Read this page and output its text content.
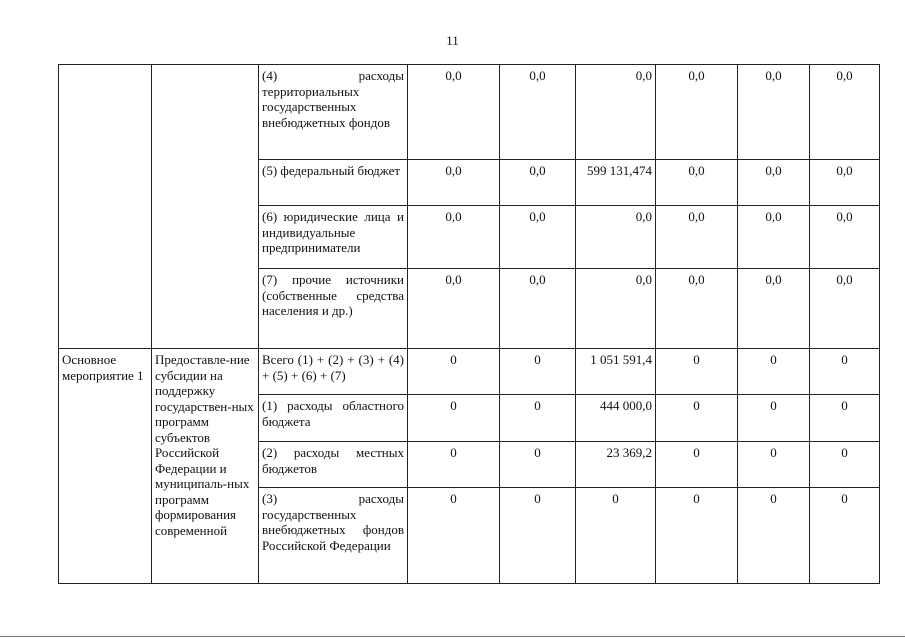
11
		(4) расходы территориальных государственных внебюджетных фондов	0,0	0,0	0,0	0,0	0,0	0,0
		(5) федеральный бюджет	0,0	0,0	599 131,474	0,0	0,0	0,0
		(6) юридические лица и индивидуальные предприниматели	0,0	0,0	0,0	0,0	0,0	0,0
		(7) прочие источники (собственные средства населения и др.)	0,0	0,0	0,0	0,0	0,0	0,0
Основное мероприятие 1	Предоставле-ние субсидии на поддержку государствен-ных программ субъектов Российской Федерации и муниципаль-ных программ формирования современной	Всего (1) + (2) + (3) + (4) + (5) + (6) + (7)	0	0	1 051 591,4	0	0	0
		(1) расходы областного бюджета	0	0	444 000,0	0	0	0
		(2) расходы местных бюджетов	0	0	23 369,2	0	0	0
		(3) расходы государственных внебюджетных фондов Российской Федерации	0	0	0	0	0	0
